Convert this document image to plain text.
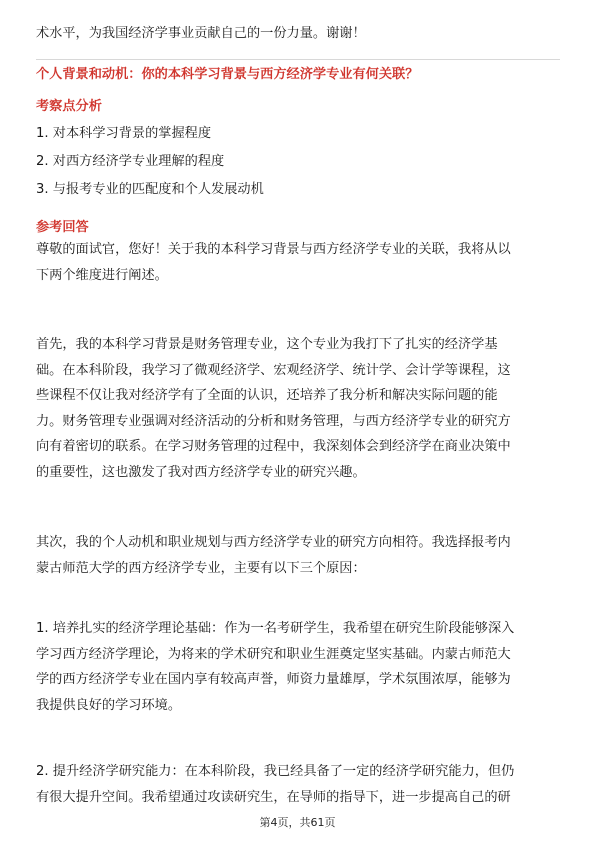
术水平，为我国经济学事业贡献自己的一份力量。谢谢！
个人背景和动机：你的本科学习背景与西方经济学专业有何关联？
考察点分析
1. 对本科学习背景的掌握程度
2. 对西方经济学专业理解的程度
3. 与报考专业的匹配度和个人发展动机
参考回答
尊敬的面试官，您好！关于我的本科学习背景与西方经济学专业的关联，我将从以
下两个维度进行阐述。
首先，我的本科学习背景是财务管理专业，这个专业为我打下了扎实的经济学基
础。在本科阶段，我学习了微观经济学、宏观经济学、统计学、会计学等课程，这
些课程不仅让我对经济学有了全面的认识，还培养了我分析和解决实际问题的能
力。财务管理专业强调对经济活动的分析和财务管理，与西方经济学专业的研究方
向有着密切的联系。在学习财务管理的过程中，我深刻体会到经济学在商业决策中
的重要性，这也激发了我对西方经济学专业的研究兴趣。
其次，我的个人动机和职业规划与西方经济学专业的研究方向相符。我选择报考内
蒙古师范大学的西方经济学专业，主要有以下三个原因：
1. 培养扎实的经济学理论基础：作为一名考研学生，我希望在研究生阶段能够深入
学习西方经济学理论，为将来的学术研究和职业生涯奠定坚实基础。内蒙古师范大
学的西方经济学专业在国内享有较高声誉，师资力量雄厚，学术氛围浓厚，能够为
我提供良好的学习环境。
2. 提升经济学研究能力：在本科阶段，我已经具备了一定的经济学研究能力，但仍
有很大提升空间。我希望通过攻读研究生，在导师的指导下，进一步提高自己的研
第4页，共61页
